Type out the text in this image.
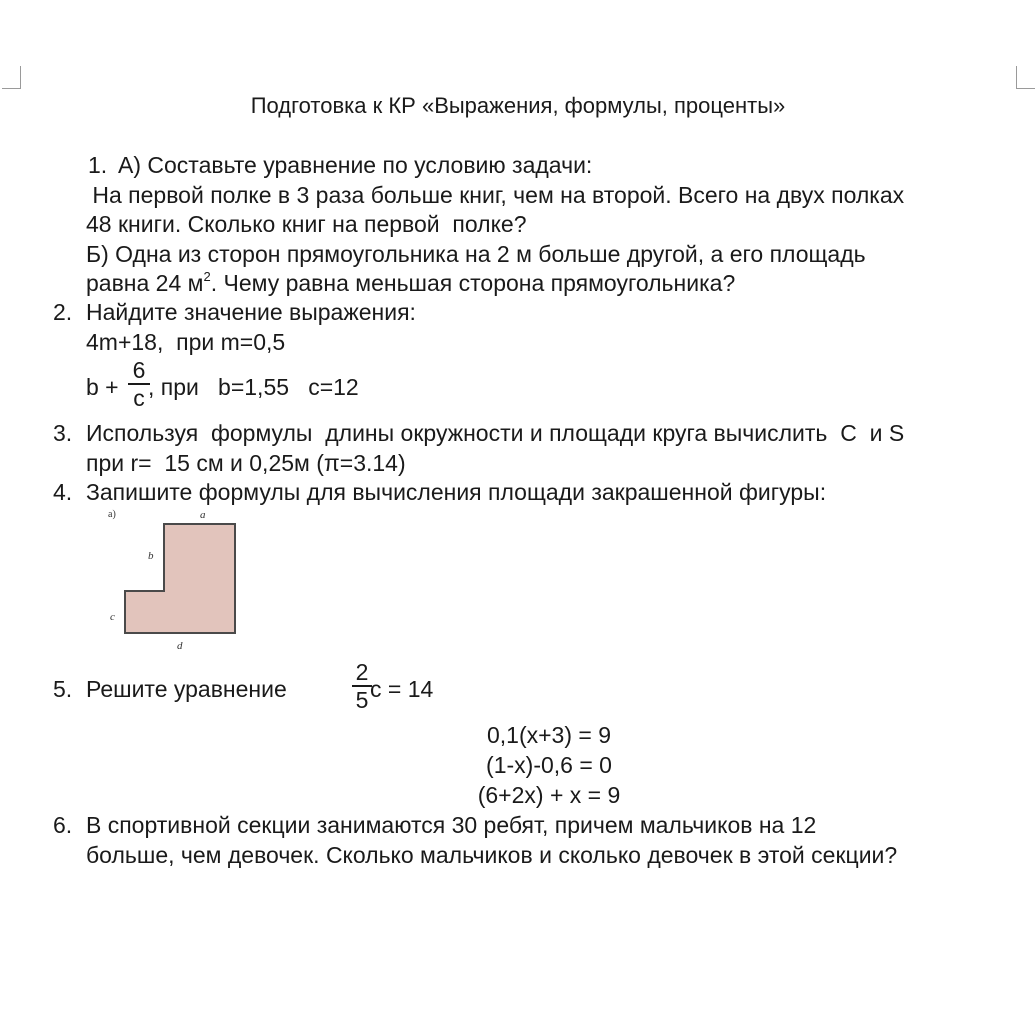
Подготовка к КР «Выражения, формулы, проценты»
1. А) Составьте уравнение по условию задачи:
На первой полке в 3 раза больше книг, чем на второй. Всего на двух полках
48 книги. Сколько книг на первой  полке?
Б) Одна из сторон прямоугольника на 2 м больше другой, а его площадь
равна 24 $м^2$. Чему равна меньшая сторона прямоугольника?
2. Найдите значение выражения:
4m+18,  при m=0,5
b +
6
c , при   b=1,55   c=12
3. Используя  формулы  длины окружности и площади круга вычислить  C  и S
при r=  15 см и 0,25м (π=3.14)
4. Запишите формулы для вычисления площади закрашенной фигуры:
а)	a
b
c
d
5. Решите уравнение
2
5 c = 14
0,1(x+3) = 9
(1-x)-0,6 = 0
(6+2x) + x = 9
6. В спортивной секции занимаются 30 ребят, причем мальчиков на 12
больше, чем девочек. Сколько мальчиков и сколько девочек в этой секции?
